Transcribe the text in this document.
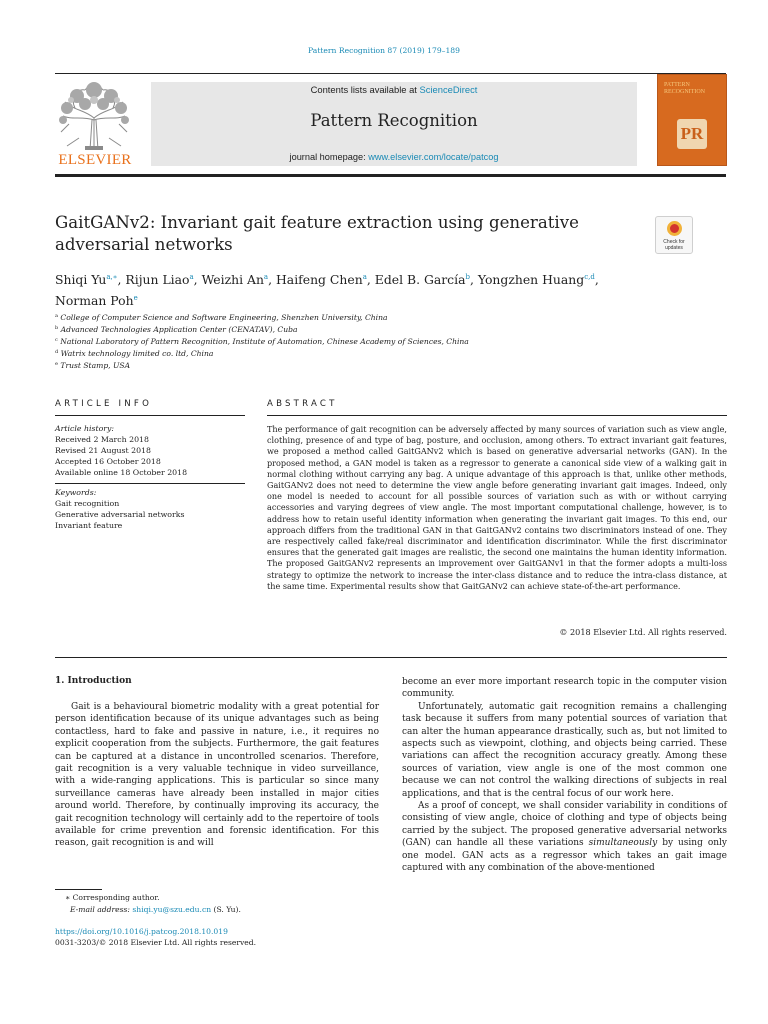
Pattern Recognition 87 (2019) 179–189
ELSEVIER
Contents lists available at ScienceDirect
Pattern Recognition
journal homepage: www.elsevier.com/locate/patcog
PATTERN RECOGNITION
PR
GaitGANv2: Invariant gait feature extraction using generative
adversarial networks	Check for
updates
Shiqi $Yu^{a,∗}$, Rijun Liao$^a$, Weizhi An$^a$, Haifeng Chen$^a$, Edel B. García$^b$, Yongzhen Huang$^{c,d}$,
Norman Poh$^e$
$^a$ College of Computer Science and Software Engineering, Shenzhen University, China
$^b$ Advanced Technologies Application Center (CENATAV), Cuba
$^c$ National Laboratory of Pattern Recognition, Institute of Automation, Chinese Academy of Sciences, China
$^d$ Watrix technology limited co. ltd, China
$^e$ Trust Stamp, USA
ARTICLE INFO
Article history:
Received 2 March 2018
Revised 21 August 2018
Accepted 16 October 2018
Available online 18 October 2018
Keywords:
Gait recognition
Generative adversarial networks
Invariant feature
ABSTRACT
The performance of gait recognition can be adversely affected by many sources of variation such as view angle, clothing, presence of and type of bag, posture, and occlusion, among others. To extract invariant gait features, we proposed a method called GaitGANv2 which is based on generative adversarial networks (GAN). In the proposed method, a GAN model is taken as a regressor to generate a canonical side view of a walking gait in normal clothing without carrying any bag. A unique advantage of this approach is that, unlike other methods, GaitGANv2 does not need to determine the view angle before generating invariant gait images. Indeed, only one model is needed to account for all possible sources of variation such as with or without carrying accessories and varying degrees of view angle. The most important computational challenge, however, is to address how to retain useful identity information when generating the invariant gait images. To this end, our approach differs from the traditional GAN in that GaitGANv2 contains two discriminators instead of one. They are respectively called fake/real discriminator and identification discriminator. While the first discriminator ensures that the generated gait images are realistic, the second one maintains the human identity information. The proposed GaitGANv2 represents an improvement over GaitGANv1 in that the former adopts a multi-loss strategy to optimize the network to increase the inter-class distance and to reduce the intra-class distance, at the same time. Experimental results show that GaitGANv2 can achieve state-of-the-art performance.
© 2018 Elsevier Ltd. All rights reserved.
1. Introduction

Gait is a behavioural biometric modality with a great potential for person identification because of its unique advantages such as being contactless, hard to fake and passive in nature, i.e., it requires no explicit cooperation from the subjects. Furthermore, the gait features can be captured at a distance in uncontrolled scenarios. Therefore, gait recognition is a very valuable technique in video surveillance, with a wide-ranging applications. This is particular so since many surveillance cameras have already been installed in major cities around world. Therefore, by continually improving its accuracy, the gait recognition technology will certainly add to the repertoire of tools available for crime prevention and forensic identification. For this reason, gait recognition is and will

become an ever more important research topic in the computer vision community.

Unfortunately, automatic gait recognition remains a challenging task because it suffers from many potential sources of variation that can alter the human appearance drastically, such as, but not limited to aspects such as viewpoint, clothing, and objects being carried. These variations can affect the recognition accuracy greatly. Among these sources of variation, view angle is one of the most common one because we can not control the walking directions of subjects in real applications, and that is the central focus of our work here.

As a proof of concept, we shall consider variability in conditions of consisting of view angle, choice of clothing and type of objects being carried by the subject. The proposed generative adversarial networks (GAN) can handle all these variations simultaneously by using only one model. GAN acts as a regressor which takes an gait image captured with any combination of the above-mentioned

∗ Corresponding author.
E-mail address: shiqi.yu@szu.edu.cn (S. Yu).
https://doi.org/10.1016/j.patcog.2018.10.019
0031-3203/© 2018 Elsevier Ltd. All rights reserved.
